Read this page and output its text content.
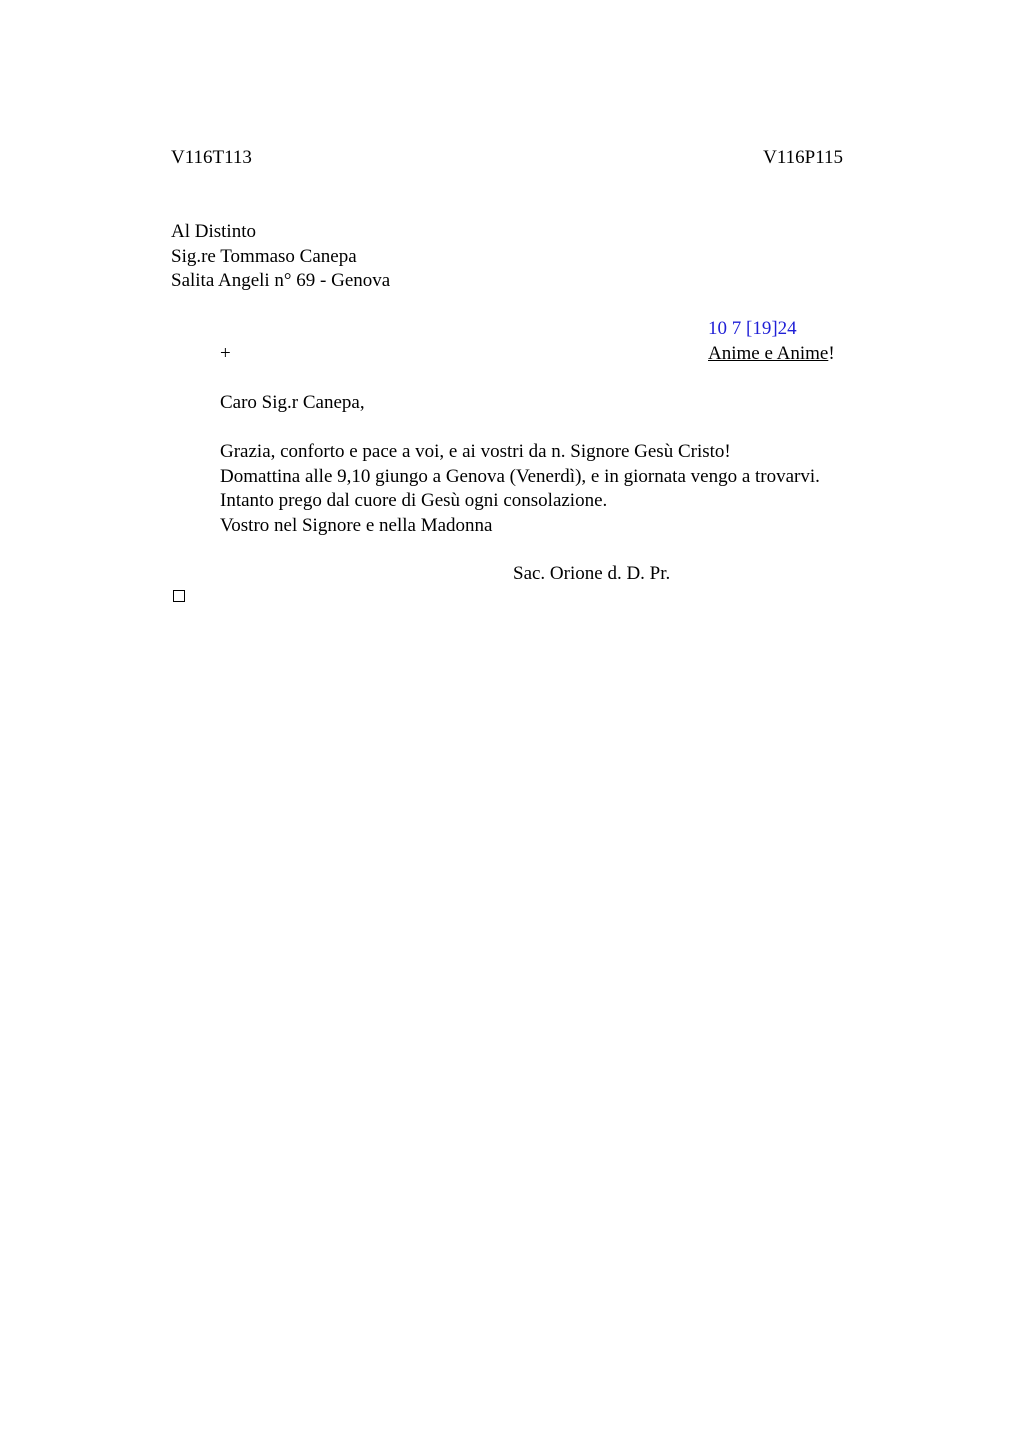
V116T113	V116P115
Al Distinto
Sig.re Tommaso Canepa
Salita Angeli n° 69 - Genova
10 7 [19]24
+	Anime e Anime!
Caro Sig.r Canepa,
Grazia, conforto e pace a voi, e ai vostri da n. Signore Gesù Cristo!
Domattina alle 9,10 giungo a Genova (Venerdì), e in giornata vengo a trovarvi.
Intanto prego dal cuore di Gesù ogni consolazione.
Vostro nel Signore e nella Madonna
Sac. Orione d. D. Pr.
